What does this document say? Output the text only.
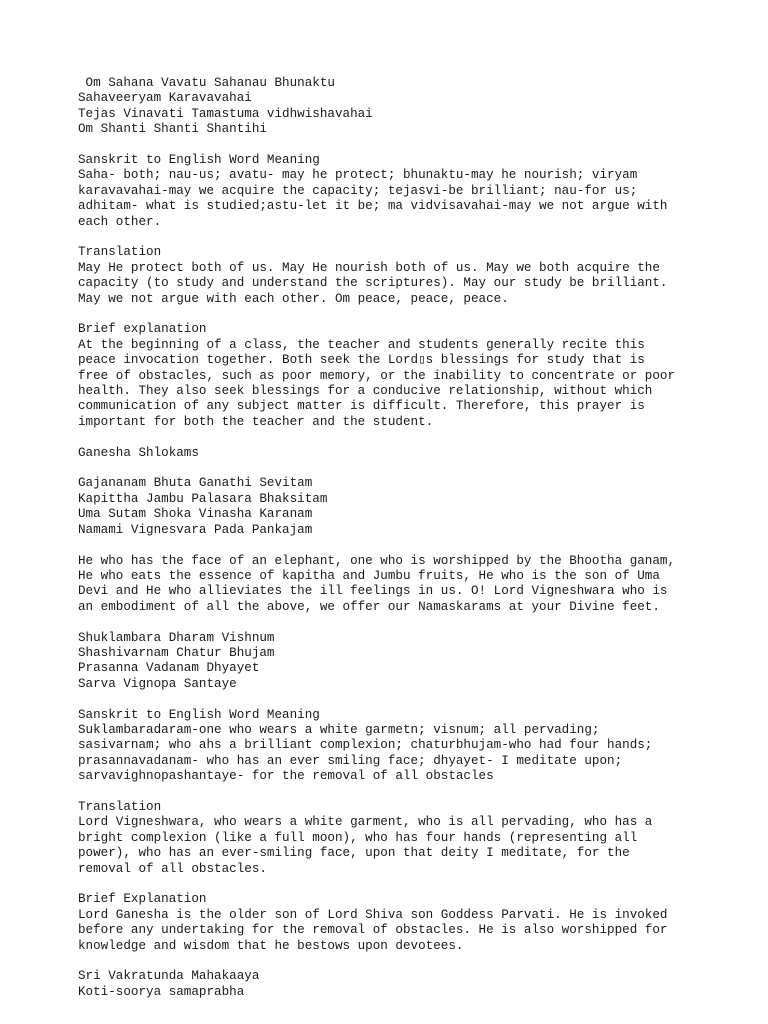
Om Sahana Vavatu Sahanau Bhunaktu
Sahaveeryam Karavavahai
Tejas Vinavati Tamastuma vidhwishavahai
Om Shanti Shanti Shantihi
Sanskrit to English Word Meaning
Saha- both; nau-us; avatu- may he protect; bhunaktu-may he nourish; viryam
karavavahai-may we acquire the capacity; tejasvi-be brilliant; nau-for us;
adhitam- what is studied;astu-let it be; ma vidvisavahai-may we not argue with
each other.
Translation
May He protect both of us. May He nourish both of us. May we both acquire the
capacity (to study and understand the scriptures). May our study be brilliant.
May we not argue with each other. Om peace, peace, peace.
Brief explanation
At the beginning of a class, the teacher and students generally recite this
peace invocation together. Both seek the Lord▯s blessings for study that is
free of obstacles, such as poor memory, or the inability to concentrate or poor
health. They also seek blessings for a conducive relationship, without which
communication of any subject matter is difficult. Therefore, this prayer is
important for both the teacher and the student.
Ganesha Shlokams
Gajananam Bhuta Ganathi Sevitam
Kapittha Jambu Palasara Bhaksitam
Uma Sutam Shoka Vinasha Karanam
Namami Vignesvara Pada Pankajam
He who has the face of an elephant, one who is worshipped by the Bhootha ganam,
He who eats the essence of kapitha and Jumbu fruits, He who is the son of Uma
Devi and He who allieviates the ill feelings in us. O! Lord Vigneshwara who is
an embodiment of all the above, we offer our Namaskarams at your Divine feet.
Shuklambara Dharam Vishnum
Shashivarnam Chatur Bhujam
Prasanna Vadanam Dhyayet
Sarva Vignopa Santaye
Sanskrit to English Word Meaning
Suklambaradaram-one who wears a white garmetn; visnum; all pervading;
sasivarnam; who ahs a brilliant complexion; chaturbhujam-who had four hands;
prasannavadanam- who has an ever smiling face; dhyayet- I meditate upon;
sarvavighnopashantaye- for the removal of all obstacles
Translation
Lord Vigneshwara, who wears a white garment, who is all pervading, who has a
bright complexion (like a full moon), who has four hands (representing all
power), who has an ever-smiling face, upon that deity I meditate, for the
removal of all obstacles.
Brief Explanation
Lord Ganesha is the older son of Lord Shiva son Goddess Parvati. He is invoked
before any undertaking for the removal of obstacles. He is also worshipped for
knowledge and wisdom that he bestows upon devotees.
Sri Vakratunda Mahakaaya
Koti-soorya samaprabha
